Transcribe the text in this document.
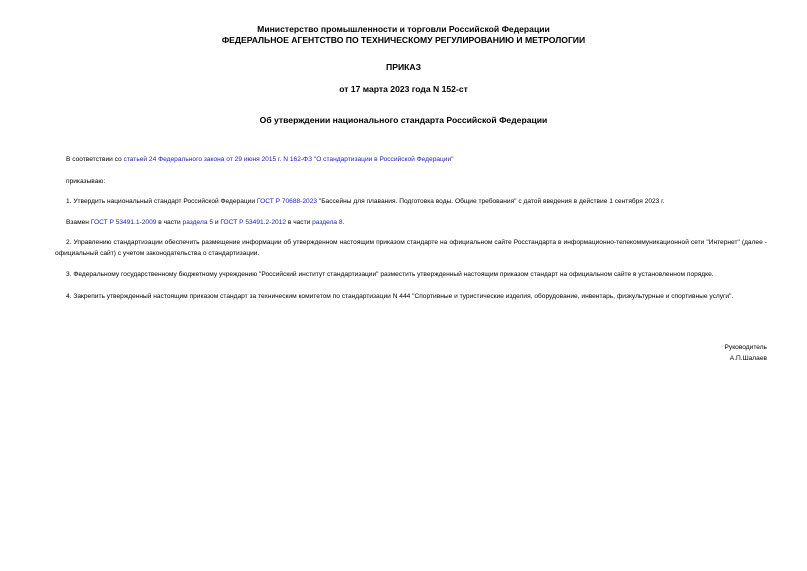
Министерство промышленности и торговли Российской Федерации
ФЕДЕРАЛЬНОЕ АГЕНТСТВО ПО ТЕХНИЧЕСКОМУ РЕГУЛИРОВАНИЮ И МЕТРОЛОГИИ
ПРИКАЗ
от 17 марта 2023 года N 152-ст
Об утверждении национального стандарта Российской Федерации
В соответствии со статьей 24 Федерального закона от 29 июня 2015 г. N 162-ФЗ "О стандартизации в Российской Федерации"
приказываю:
1. Утвердить национальный стандарт Российской Федерации ГОСТ Р 70688-2023 "Бассейны для плавания. Подготовка воды. Общие требования" с датой введения в действие 1 сентября 2023 г.
Взамен ГОСТ Р 53491.1-2009 в части раздела 5 и ГОСТ Р 53491.2-2012 в части раздела 8.
2. Управлению стандартизации обеспечить размещение информации об утвержденном настоящим приказом стандарте на официальном сайте Росстандарта в информационно-телекоммуникационной сети "Интернет" (далее - официальный сайт) с учетом законодательства о стандартизации.
3. Федеральному государственному бюджетному учреждению "Российский институт стандартизации" разместить утвержденный настоящим приказом стандарт на официальном сайте в установленном порядке.
4. Закрепить утвержденный настоящим приказом стандарт за техническим комитетом по стандартизации N 444 "Спортивные и туристические изделия, оборудование, инвентарь, физкультурные и спортивные услуги".
Руководитель
А.П.Шалаев
